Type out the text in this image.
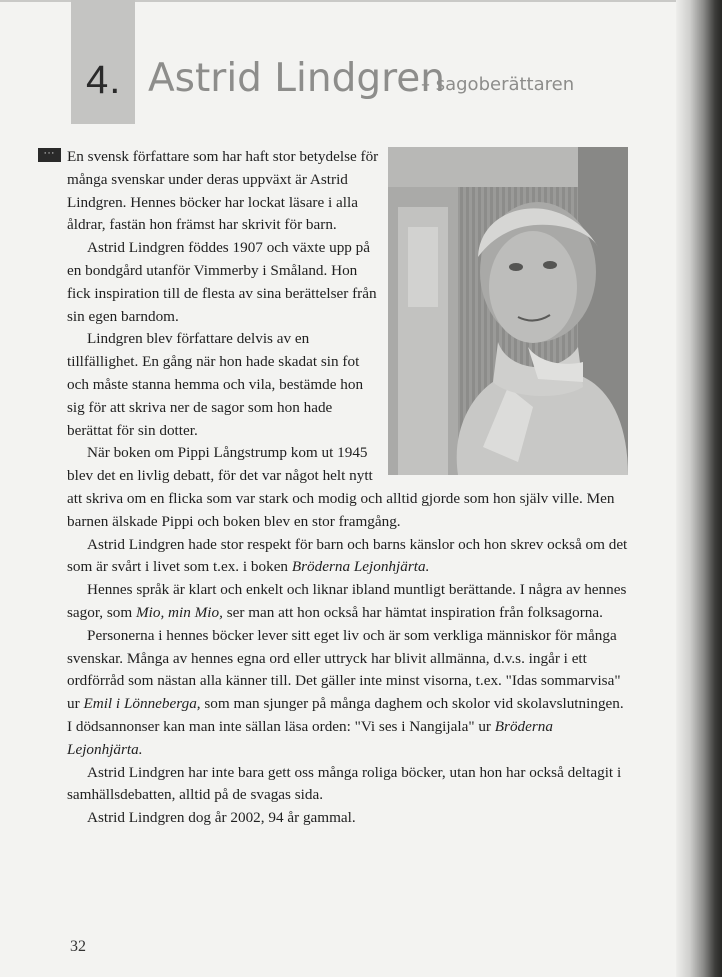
4. Astrid Lindgren
– sagoberättaren
··· En svensk författare som har haft stor betydelse för många svenskar under deras uppväxt är Astrid Lindgren. Hennes böcker har lockat läsare i alla åldrar, fastän hon främst har skrivit för barn.

Astrid Lindgren föddes 1907 och växte upp på en bondgård utanför Vimmerby i Småland. Hon fick inspiration till de flesta av sina berättelser från sin egen barndom.

Lindgren blev författare delvis av en tillfällighet. En gång när hon hade skadat sin fot och måste stanna hemma och vila, bestämde hon sig för att skriva ner de sagor som hon hade berättat för sin dotter.

När boken om Pippi Långstrump kom ut 1945 blev det en livlig debatt, för det var något helt nytt att skriva om en flicka som var stark och modig och alltid gjorde som hon själv ville. Men barnen älskade Pippi och boken blev en stor framgång.

Astrid Lindgren hade stor respekt för barn och barns känslor och hon skrev också om det som är svårt i livet som t.ex. i boken Bröderna Lejonhjärta.

Hennes språk är klart och enkelt och liknar ibland muntligt berättande. I några av hennes sagor, som Mio, min Mio, ser man att hon också har hämtat inspiration från folksagorna.

Personerna i hennes böcker lever sitt eget liv och är som verkliga människor för många svenskar. Många av hennes egna ord eller uttryck har blivit allmänna, d.v.s. ingår i ett ordförråd som nästan alla känner till. Det gäller inte minst visorna, t.ex. "Idas sommarvisa" ur Emil i Lönneberga, som man sjunger på många daghem och skolor vid skolavslutningen. I dödsannonser kan man inte sällan läsa orden: "Vi ses i Nangijala" ur Bröderna Lejonhjärta.

Astrid Lindgren har inte bara gett oss många roliga böcker, utan hon har också deltagit i samhällsdebatten, alltid på de svagas sida.

Astrid Lindgren dog år 2002, 94 år gammal.

32
